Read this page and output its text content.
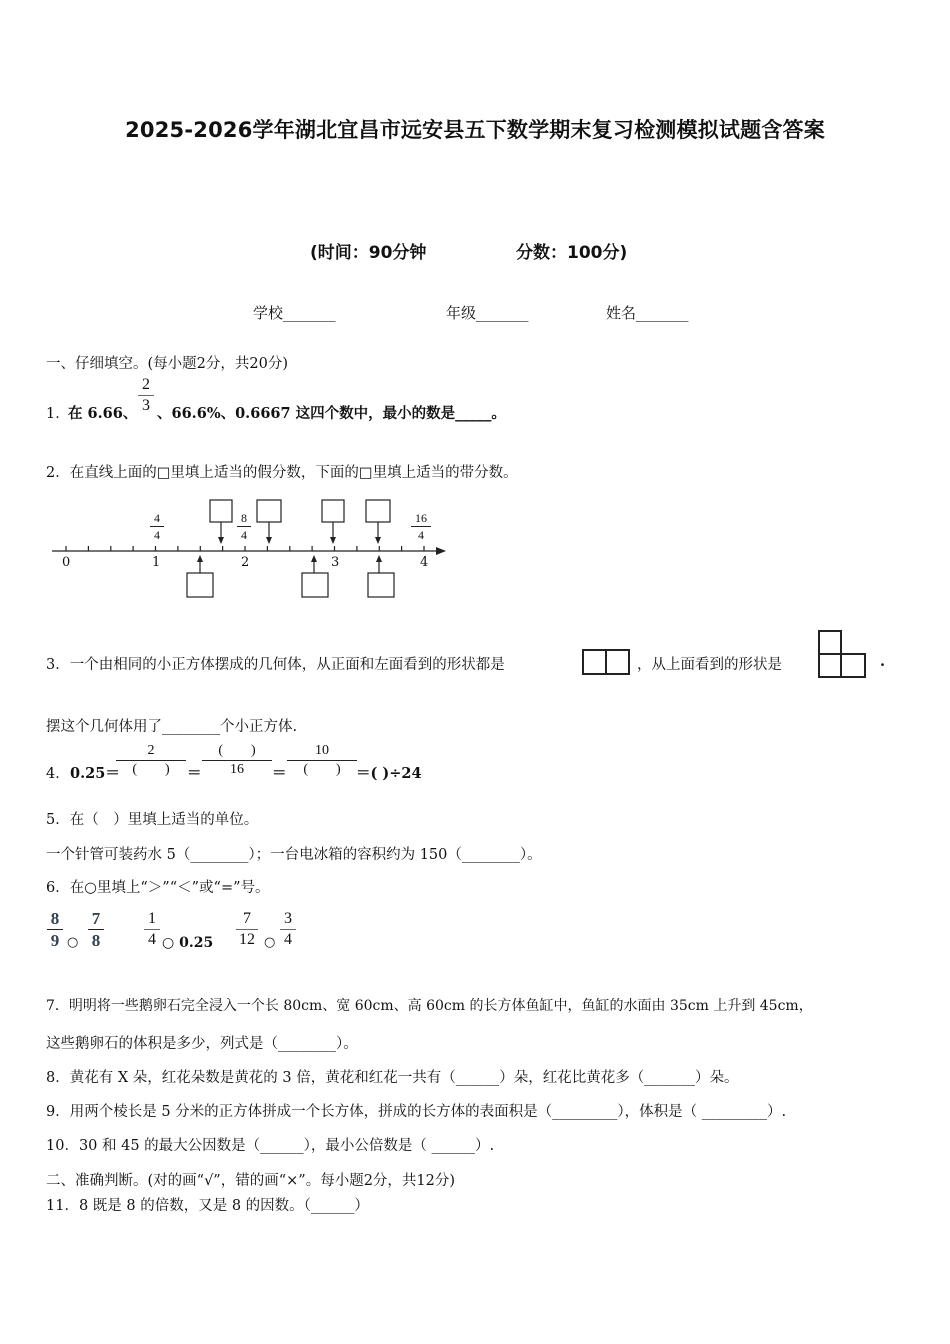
2025-2026学年湖北宜昌市远安县五下数学期末复习检测模拟试题含答案
(时间：90分钟	分数：100分)
学校_______	年级_______	姓名_______
一、仔细填空。(每小题2分，共20分)
1．
在 6.66、
2
3 、66.6%、0.6667 这四个数中，最小的数是_____。
2．在直线上面的□里填上适当的假分数，下面的□里填上适当的带分数。
0	1	2	3	4
4
4
8
4
16
4
3．一个由相同的小正方体摆成的几何体，从正面和左面看到的形状都是	，从上面看到的形状是	.
摆这个几何体用了________个小正方体.
4． 0.25＝
2
(　　)	＝
(　　)
16	＝
10
(　　)	＝( )÷24
5．在（　）里填上适当的单位。
一个针管可装药水 5（________）；一台电冰箱的容积约为 150（________）。
6．在○里填上“＞”“＜”或“=”号。
8
9 ○
7
8
1
4 ○ 0.25
7
12 ○
3
4
7．明明将一些鹅卵石完全浸入一个长 80cm、宽 60cm、高 60cm 的长方体鱼缸中，鱼缸的水面由 35cm 上升到 45cm，
这些鹅卵石的体积是多少，列式是（________）。
8．黄花有 X 朵，红花朵数是黄花的 3 倍，黄花和红花一共有（______）朵，红花比黄花多（_______）朵。
9．用两个棱长是 5 分米的正方体拼成一个长方体，拼成的长方体的表面积是（_________），体积是（ _________）.
10．30 和 45 的最大公因数是（______），最小公倍数是（ ______）.
二、准确判断。(对的画“√”，错的画“×”。每小题2分，共12分)
11．8 既是 8 的倍数，又是 8 的因数。（______）
